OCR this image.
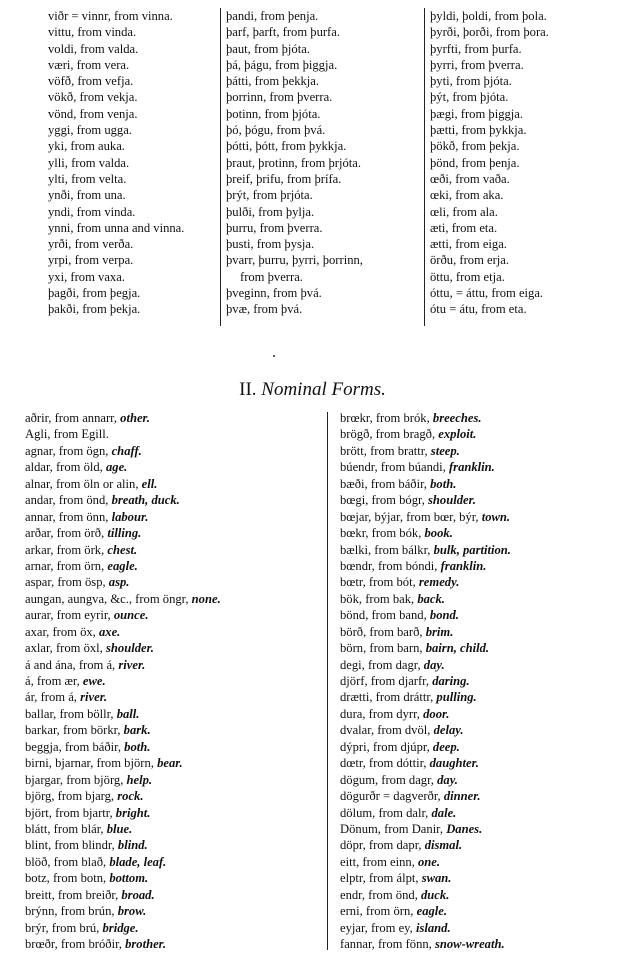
viðr = vinnr, from vinna.
vittu, from vinda.
voldi, from valda.
væri, from vera.
vöfð, from vefja.
vökð, from vekja.
vönd, from venja.
yggi, from ugga.
yki, from auka.
ylli, from valda.
ylti, from velta.
ynði, from una.
yndi, from vinda.
ynni, from unna and vinna.
yrði, from verða.
yrpi, from verpa.
yxi, from vaxa.
þagði, from þegja.
þakði, from þekja.
þandi, from þenja.
þarf, þarft, from þurfa.
þaut, from þjóta.
þá, þágu, from þiggja.
þátti, from þekkja.
þorrinn, from þverra.
þotinn, from þjóta.
þó, þógu, from þvá.
þótti, þótt, from þykkja.
þraut, þrotinn, from þrjóta.
þreif, þrifu, from þrífa.
þrýt, from þrjóta.
þulði, from þylja.
þurru, from þverra.
þusti, from þysja.
þvarr, þurru, þyrri, þorrinn,
from þverra.
þveginn, from þvá.
þvæ, from þvá.
þyldi, þoldi, from þola.
þyrði, þorði, from þora.
þyrfti, from þurfa.
þyrri, from þverra.
þyti, from þjóta.
þýt, from þjóta.
þægi, from þiggja.
þætti, from þykkja.
þökð, from þekja.
þönd, from þenja.
œði, from vaða.
œki, from aka.
œli, from ala.
æti, from eta.
ætti, from eiga.
örðu, from erja.
öttu, from etja.
óttu, = áttu, from eiga.
ótu = átu, from eta.
II. Nominal Forms.
aðrir, from annarr, other.
Agli, from Egill.
agnar, from ögn, chaff.
aldar, from öld, age.
alnar, from öln or alin, ell.
andar, from önd, breath, duck.
annar, from önn, labour.
arðar, from örð, tilling.
arkar, from örk, chest.
arnar, from örn, eagle.
aspar, from ösp, asp.
aungan, aungva, &c., from öngr, none.
aurar, from eyrir, ounce.
axar, from öx, axe.
axlar, from öxl, shoulder.
á and ána, from á, river.
á, from ær, ewe.
ár, from á, river.
ballar, from böllr, ball.
barkar, from börkr, bark.
beggja, from báðir, both.
birni, bjarnar, from björn, bear.
bjargar, from björg, help.
björg, from bjarg, rock.
björt, from bjartr, bright.
blátt, from blár, blue.
blint, from blindr, blind.
blöð, from blað, blade, leaf.
botz, from botn, bottom.
breitt, from breiðr, broad.
brýnn, from brún, brow.
brýr, from brú, bridge.
brœðr, from bróðir, brother.
brœkr, from brók, breeches.
brögð, from bragð, exploit.
brött, from brattr, steep.
búendr, from búandi, franklin.
bæði, from báðir, both.
bœgi, from bógr, shoulder.
bœjar, býjar, from bœr, býr, town.
bœkr, from bók, book.
bælki, from bálkr, bulk, partition.
bœndr, from bóndi, franklin.
bœtr, from bót, remedy.
bök, from bak, back.
bönd, from band, bond.
börð, from barð, brim.
börn, from barn, bairn, child.
degi, from dagr, day.
djörf, from djarfr, daring.
drætti, from dráttr, pulling.
dura, from dyrr, door.
dvalar, from dvöl, delay.
dýpri, from djúpr, deep.
dœtr, from dóttir, daughter.
dögum, from dagr, day.
dögurðr = dagverðr, dinner.
dölum, from dalr, dale.
Dönum, from Danir, Danes.
döpr, from dapr, dismal.
eitt, from einn, one.
elptr, from álpt, swan.
endr, from önd, duck.
erni, from örn, eagle.
eyjar, from ey, island.
fannar, from fönn, snow-wreath.
